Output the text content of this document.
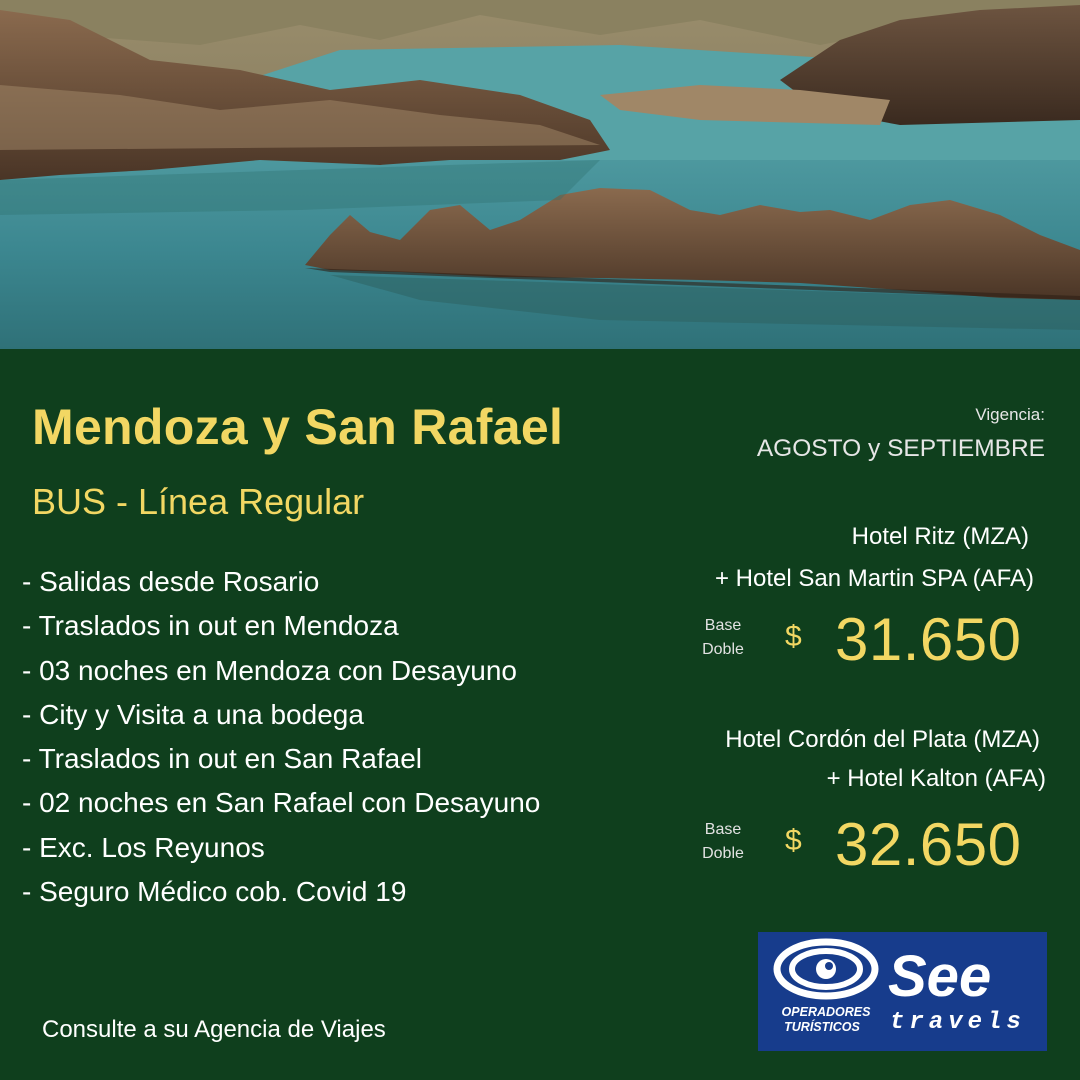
Mendoza y San Rafael
BUS - Línea Regular
- Salidas desde Rosario
- Traslados in out en Mendoza
- 03 noches en Mendoza con Desayuno
- City y Visita a una bodega
- Traslados in out en San Rafael
- 02 noches en San Rafael con Desayuno
- Exc. Los Reyunos
- Seguro Médico cob. Covid 19
Vigencia:
AGOSTO y SEPTIEMBRE
Hotel Ritz (MZA)
+ Hotel San Martin SPA (AFA)
Base
Doble	$ 31.650
Hotel Cordón del Plata (MZA)
+ Hotel Kalton (AFA)
Base
Doble	$ 32.650
Consulte a su Agencia de Viajes
OPERADORES
TURÍSTICOS
See
travels
